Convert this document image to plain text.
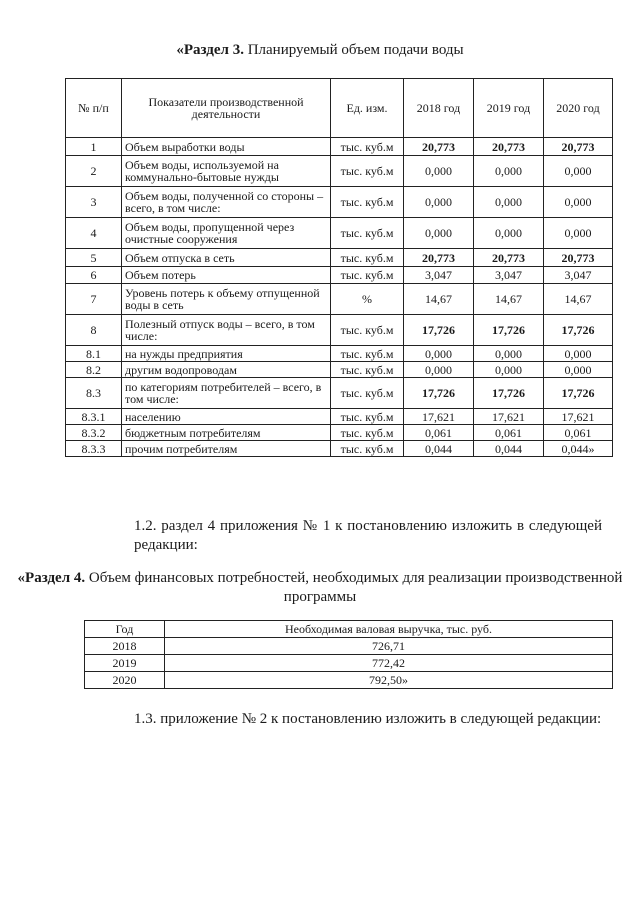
«Раздел 3. Планируемый объем подачи воды
№ п/п	Показатели производственной деятельности	Ед. изм.	2018 год	2019 год	2020 год
1	Объем выработки воды	тыс. куб.м	20,773	20,773	20,773
2	Объем воды, используемой на коммунально-бытовые нужды	тыс. куб.м	0,000	0,000	0,000
3	Объем воды, полученной со стороны – всего, в том числе:	тыс. куб.м	0,000	0,000	0,000
4	Объем воды, пропущенной через очистные сооружения	тыс. куб.м	0,000	0,000	0,000
5	Объем отпуска в сеть	тыс. куб.м	20,773	20,773	20,773
6	Объем потерь	тыс. куб.м	3,047	3,047	3,047
7	Уровень потерь к объему отпущенной воды в сеть	%	14,67	14,67	14,67
8	Полезный отпуск воды – всего, в том числе:	тыс. куб.м	17,726	17,726	17,726
8.1	на нужды предприятия	тыс. куб.м	0,000	0,000	0,000
8.2	другим водопроводам	тыс. куб.м	0,000	0,000	0,000
8.3	по категориям потребителей – всего, в том числе:	тыс. куб.м	17,726	17,726	17,726
8.3.1	населению	тыс. куб.м	17,621	17,621	17,621
8.3.2	бюджетным потребителям	тыс. куб.м	0,061	0,061	0,061
8.3.3	прочим потребителям	тыс. куб.м	0,044	0,044	0,044»
1.2. раздел 4 приложения № 1 к постановлению изложить в следующей редакции:
«Раздел 4. Объем финансовых потребностей, необходимых для реализации производственной программы
Год	Необходимая валовая выручка, тыс. руб.
2018	726,71
2019	772,42
2020	792,50»
1.3. приложение № 2 к постановлению изложить в следующей редакции:
